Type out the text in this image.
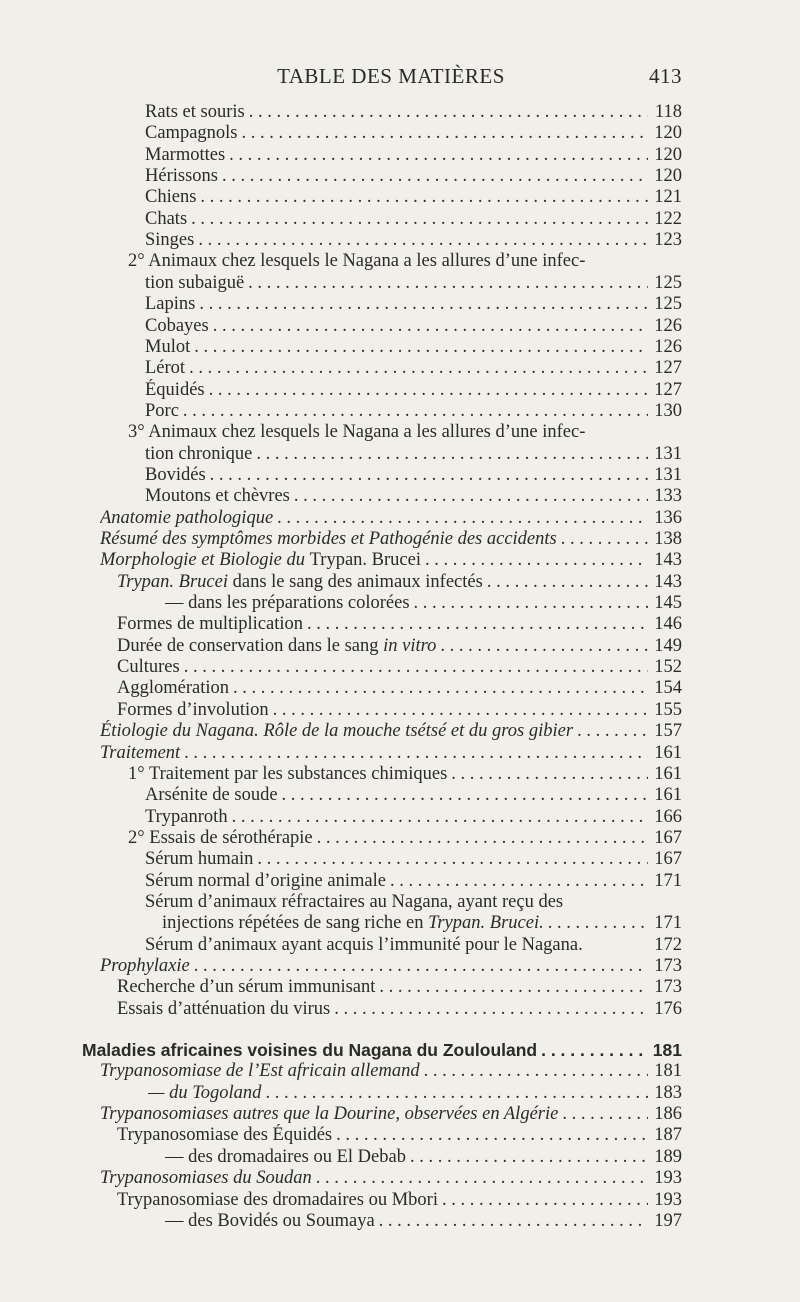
TABLE DES MATIÈRES	413
Rats et souris . . .	118
Campagnols . . .	120
Marmottes . . .	120
Hérissons . . .	120
Chiens . . .	121
Chats . . .	122
Singes . . .	123
2° Animaux chez lesquels le Nagana a les allures d’une infec-
tion subaiguë . . .	125
Lapins . . .	125
Cobayes . . .	126
Mulot . . .	126
Lérot . . .	127
Équidés . . .	127
Porc . . .	130
3° Animaux chez lesquels le Nagana a les allures d’une infec-
tion chronique . . .	131
Bovidés . . .	131
Moutons et chèvres . . .	133
Anatomie pathologique . . .	136
Résumé des symptômes morbides et Pathogénie des accidents . . .	138
Morphologie et Biologie du Trypan. Brucei . . .	143
Trypan. Brucei dans le sang des animaux infectés . . .	143
— dans les préparations colorées . . .	145
Formes de multiplication . . .	146
Durée de conservation dans le sang in vitro . . .	149
Cultures . . .	152
Agglomération . . .	154
Formes d’involution . . .	155
Étiologie du Nagana. Rôle de la mouche tsétsé et du gros gibier . . .	157
Traitement . . .	161
1° Traitement par les substances chimiques . . .	161
Arsénite de soude . . .	161
Trypanroth . . .	166
2° Essais de sérothérapie . . .	167
Sérum humain . . .	167
Sérum normal d’origine animale . . .	171
Sérum d’animaux réfractaires au Nagana, ayant reçu des
injections répétées de sang riche en Trypan. Brucei. . . .	171
Sérum d’animaux ayant acquis l’immunité pour le Nagana.	172
Prophylaxie . . .	173
Recherche d’un sérum immunisant . . .	173
Essais d’atténuation du virus . . .	176
Maladies africaines voisines du Nagana du Zoulouland . . .	181
Trypanosomiase de l’Est africain allemand . . .	181
— du Togoland . . .	183
Trypanosomiases autres que la Dourine, observées en Algérie . . .	186
Trypanosomiase des Équidés . . .	187
— des dromadaires ou El Debab . . .	189
Trypanosomiases du Soudan . . .	193
Trypanosomiase des dromadaires ou Mbori . . .	193
— des Bovidés ou Soumaya . . .	197
